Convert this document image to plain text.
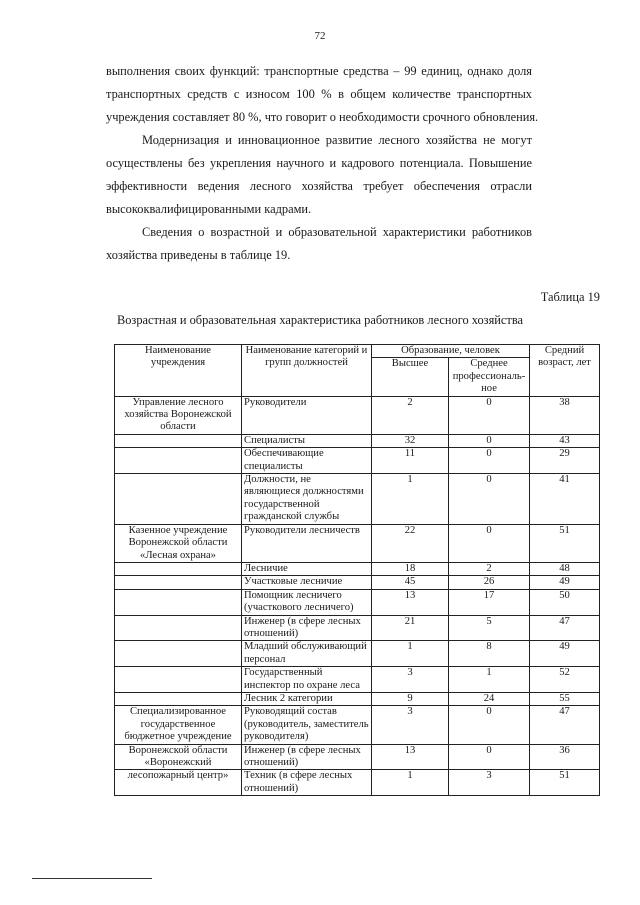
72
выполнения своих функций: транспортные средства – 99 единиц, однако доля
транспортных средств с износом 100 % в общем количестве транспортных
учреждения составляет 80 %, что говорит о необходимости срочного обновления.
Модернизация и инновационное развитие лесного хозяйства не могут
осуществлены без укрепления научного и кадрового потенциала. Повышение
эффективности ведения лесного хозяйства требует обеспечения отрасли
высококвалифицированными кадрами.
Сведения о возрастной и образовательной характеристики работников
хозяйства приведены в таблице 19.
Таблица 19
Возрастная и образовательная характеристика работников лесного хозяйства
Наименование учреждения	Наименование категорий и групп должностей	Образование, человек		Средний возраст, лет
		Высшее	Среднее профессиональ-ное	
Управление лесного хозяйства Воронежской области	Руководители	2	0	38
	Специалисты	32	0	43
	Обеспечивающие специалисты	11	0	29
	Должности, не являющиеся должностями государственной гражданской службы	1	0	41
Казенное учреждение Воронежской области «Лесная охрана»	Руководители лесничеств	22	0	51
	Лесничие	18	2	48
	Участковые лесничие	45	26	49
	Помощник лесничего (участкового лесничего)	13	17	50
	Инженер (в сфере лесных отношений)	21	5	47
	Младший обслуживающий персонал	1	8	49
	Государственный инспектор по охране леса	3	1	52
	Лесник 2 категории	9	24	55
Специализированное государственное бюджетное учреждение	Руководящий состав (руководитель, заместитель руководителя)	3	0	47
Воронежской области «Воронежский	Инженер (в сфере лесных отношений)	13	0	36
лесопожарный центр»	Техник (в сфере лесных отношений)	1	3	51
